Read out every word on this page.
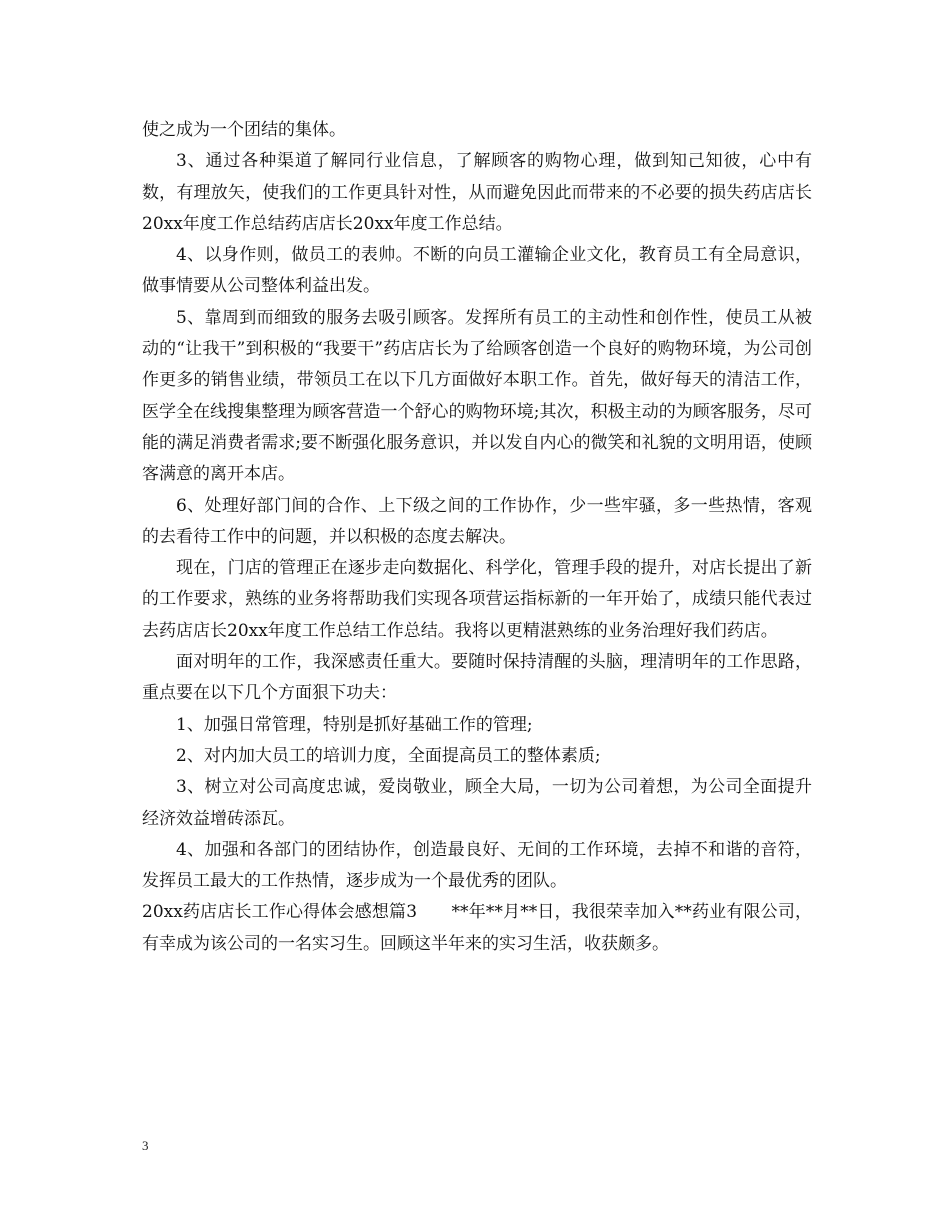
使之成为一个团结的集体。

3、通过各种渠道了解同行业信息，了解顾客的购物心理，做到知己知彼，心中有数，有理放矢，使我们的工作更具针对性，从而避免因此而带来的不必要的损失药店店长20xx年度工作总结药店店长20xx年度工作总结。

4、以身作则，做员工的表帅。不断的向员工灌输企业文化，教育员工有全局意识，做事情要从公司整体利益出发。

5、靠周到而细致的服务去吸引顾客。发挥所有员工的主动性和创作性，使员工从被动的“让我干”到积极的“我要干”药店店长为了给顾客创造一个良好的购物环境，为公司创作更多的销售业绩，带领员工在以下几方面做好本职工作。首先，做好每天的清洁工作，医学全在线搜集整理为顾客营造一个舒心的购物环境;其次，积极主动的为顾客服务，尽可能的满足消费者需求;要不断强化服务意识，并以发自内心的微笑和礼貌的文明用语，使顾客满意的离开本店。

6、处理好部门间的合作、上下级之间的工作协作，少一些牢骚，多一些热情，客观的去看待工作中的问题，并以积极的态度去解决。

现在，门店的管理正在逐步走向数据化、科学化，管理手段的提升，对店长提出了新的工作要求，熟练的业务将帮助我们实现各项营运指标新的一年开始了，成绩只能代表过去药店店长20xx年度工作总结工作总结。我将以更精湛熟练的业务治理好我们药店。

面对明年的工作，我深感责任重大。要随时保持清醒的头脑，理清明年的工作思路，重点要在以下几个方面狠下功夫：

1、加强日常管理，特别是抓好基础工作的管理;

2、对内加大员工的培训力度，全面提高员工的整体素质;

3、树立对公司高度忠诚，爱岗敬业，顾全大局，一切为公司着想，为公司全面提升经济效益增砖添瓦。

4、加强和各部门的团结协作，创造最良好、无间的工作环境，去掉不和谐的音符，发挥员工最大的工作热情，逐步成为一个最优秀的团队。

20xx药店店长工作心得体会感想篇3　　**年**月**日，我很荣幸加入**药业有限公司，有幸成为该公司的一名实习生。回顾这半年来的实习生活，收获颇多。

3
